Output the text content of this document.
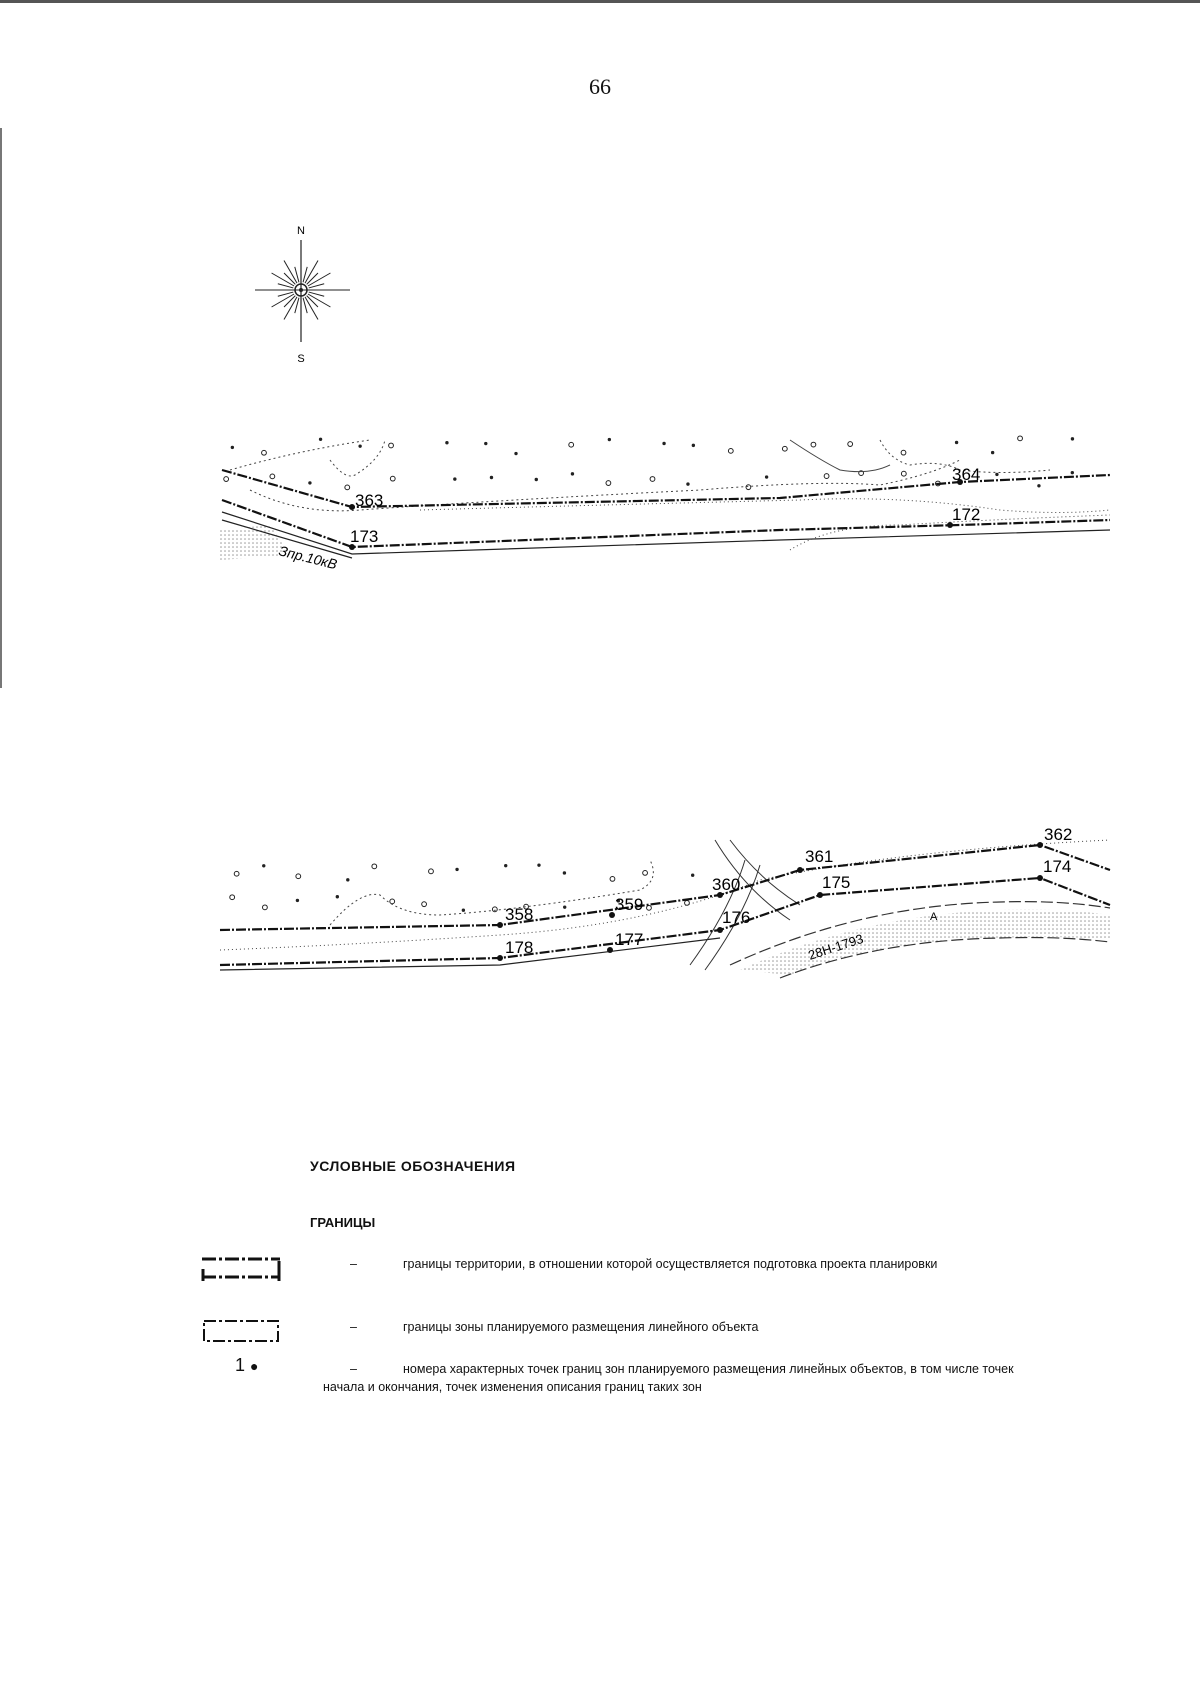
66
N
S
363
173
364
172
Зпр.10кВ
358
359
360
361
362
178	177
176
175
174
28Н-1793
А
УСЛОВНЫЕ ОБОЗНАЧЕНИЯ
ГРАНИЦЫ
–	границы территории, в отношении которой осуществляется подготовка проекта планировки
–	границы зоны планируемого размещения линейного объекта
1 ●	–	номера характерных точек границ зон планируемого размещения линейных объектов, в том числе точек начала и окончания, точек изменения описания границ таких зон
